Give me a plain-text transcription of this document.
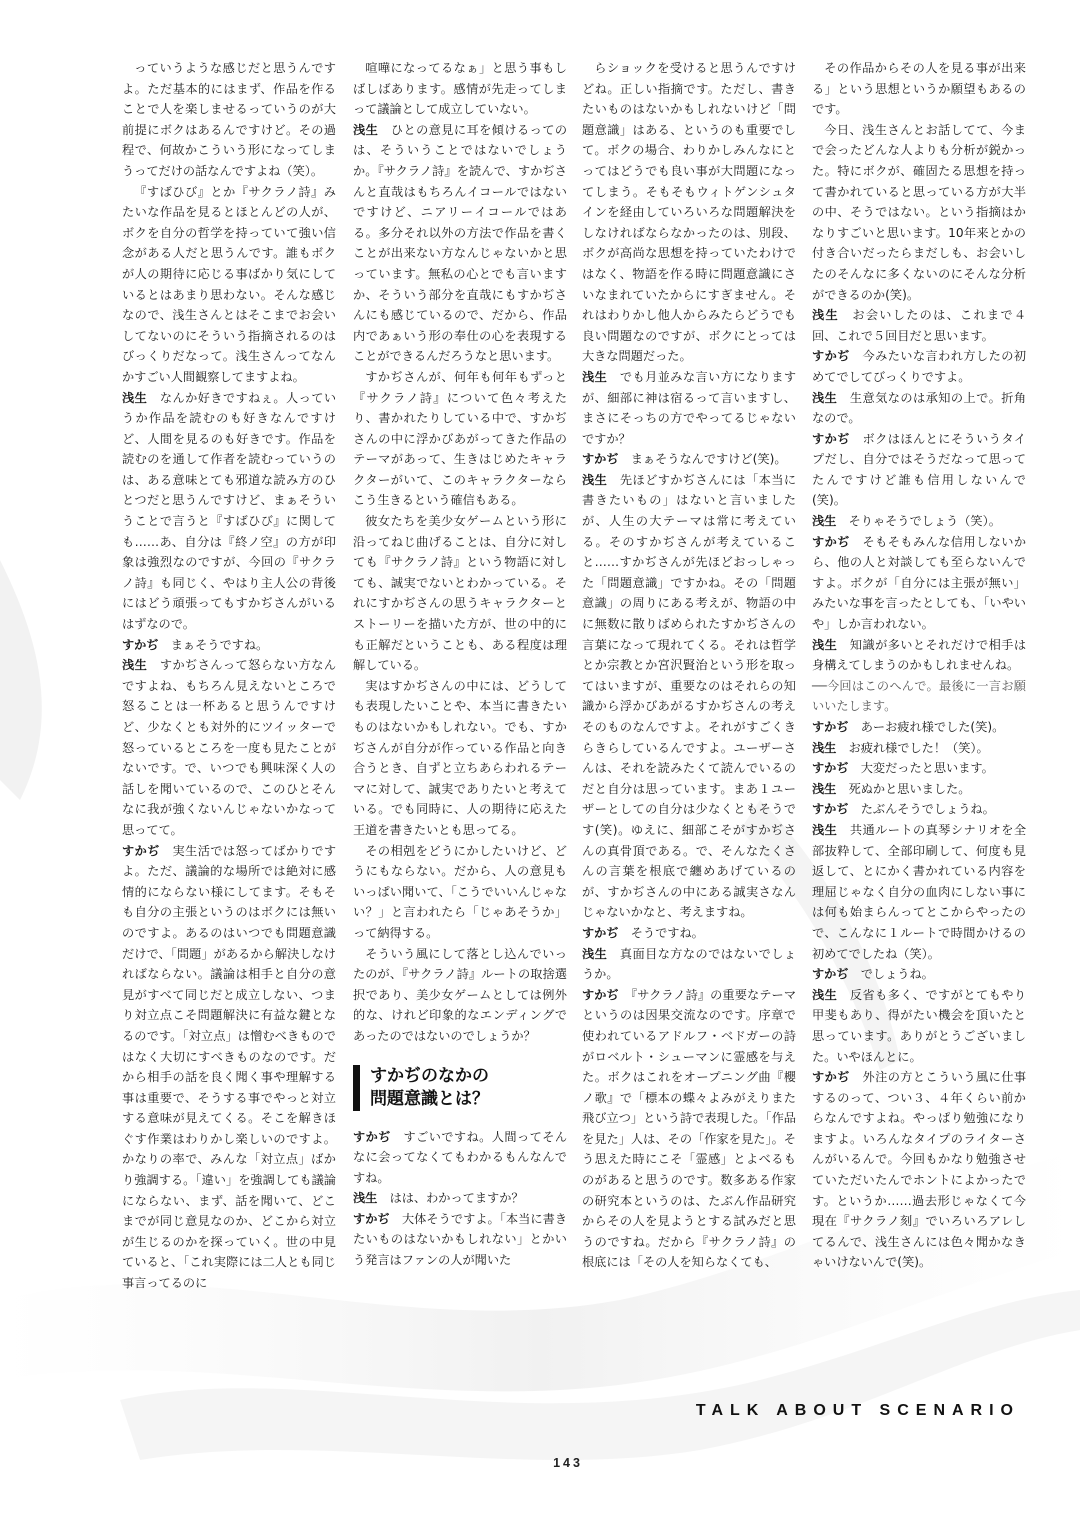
っていうような感じだと思うんですよ。ただ基本的にはまず、作品を作ることで人を楽しませるっていうのが大前提にボクはあるんですけど。その過程で、何故かこういう形になってしまうってだけの話なんですよね（笑）。

『すばひび』とか『サクラノ詩』みたいな作品を見るとほとんどの人が、ボクを自分の哲学を持っていて強い信念がある人だと思うんです。誰もボクが人の期待に応じる事ばかり気にしているとはあまり思わない。そんな感じなので、浅生さんとはそこまでお会いしてないのにそういう指摘されるのはびっくりだなって。浅生さんってなんかすごい人間観察してますよね。

浅生　 なんか好きですねぇ。人っていうか作品を読むのも好きなんですけど、人間を見るのも好きです。作品を読むのを通して作者を読むっていうのは、ある意味とても邪道な読み方のひとつだと思うんですけど、まぁそういうことで言うと『すばひび』に関しても……あ、自分は『終ノ空』の方が印象は強烈なのですが、今回の『サクラノ詩』も同じく、やはり主人公の背後にはどう頑張ってもすかぢさんがいるはずなので。

すかぢ　 まぁそうですね。

浅生　 すかぢさんって怒らない方なんですよね、もちろん見えないところで怒ることは一杯あると思うんですけど、少なくとも対外的にツイッターで怒っているところを一度も見たことがないです。で、いつでも興味深く人の話しを聞いているので、このひとそんなに我が強くないんじゃないかなって思ってて。

すかぢ　 実生活では怒ってばかりですよ。ただ、議論的な場所では絶対に感情的にならない様にしてます。そもそも自分の主張というのはボクには無いのですよ。あるのはいつでも問題意識だけで、「問題」があるから解決しなければならない。議論は相手と自分の意見がすべて同じだと成立しない、つまり対立点こそ問題解決に有益な鍵となるのです。「対立点」は憎むべきものではなく大切にすべきものなのです。だから相手の話を良く聞く事や理解する事は重要で、そうする事でやっと対立する意味が見えてくる。そこを解きほぐす作業はわりかし楽しいのですよ。かなりの率で、みんな「対立点」ばかり強調する。「違い」を強調しても議論にならない、まず、話を聞いて、どこまでが同じ意見なのか、どこから対立が生じるのかを探っていく。世の中見ていると、「これ実際には二人とも同じ事言ってるのに

喧嘩になってるなぁ」と思う事もしばしばあります。感情が先走ってしまって議論として成立していない。

浅生　 ひとの意見に耳を傾けるってのは、そういうことではないでしょうか。『サクラノ詩』を読んで、すかぢさんと直哉はもちろんイコールではないですけど、ニアリーイコールではある。多分それ以外の方法で作品を書くことが出来ない方なんじゃないかと思っています。無私の心とでも言いますか、そういう部分を直哉にもすかぢさんにも感じているので、だから、作品内であぁいう形の奉仕の心を表現することができるんだろうなと思います。

すかぢさんが、何年も何年もずっと『サクラノ詩』について色々考えたり、書かれたりしている中で、すかぢさんの中に浮かびあがってきた作品のテーマがあって、生きはじめたキャラクターがいて、このキャラクターならこう生きるという確信もある。

彼女たちを美少女ゲームという形に沿ってねじ曲げることは、自分に対しても『サクラノ詩』という物語に対しても、誠実でないとわかっている。それにすかぢさんの思うキャラクターとストーリーを描いた方が、世の中的にも正解だということも、ある程度は理解している。

実はすかぢさんの中には、どうしても表現したいことや、本当に書きたいものはないかもしれない。でも、すかぢさんが自分が作っている作品と向き合うとき、自ずと立ちあらわれるテーマに対して、誠実でありたいと考えている。でも同時に、人の期待に応えた王道を書きたいとも思ってる。

その相剋をどうにかしたいけど、どうにもならない。だから、人の意見もいっぱい聞いて、「こうでいいんじゃない？」と言われたら「じゃあそうか」って納得する。

そういう風にして落とし込んでいったのが、『サクラノ詩』ルートの取捨選択であり、美少女ゲームとしては例外的な、けれど印象的なエンディングであったのではないのでしょうか？

すかぢのなかの
問題意識とは？

すかぢ　 すごいですね。人間ってそんなに会ってなくてもわかるもんなんですね。

浅生　 はは、わかってますか？

すかぢ　 大体そうですよ。「本当に書きたいものはないかもしれない」とかいう発言はファンの人が聞いた

らショックを受けると思うんですけどね。正しい指摘です。ただし、書きたいものはないかもしれないけど「問題意識」はある、というのも重要でして。ボクの場合、わりかしみんなにとってはどうでも良い事が大問題になってしまう。そもそもウィトゲンシュタインを経由していろいろな問題解決をしなければならなかったのは、別段、ボクが高尚な思想を持っていたわけではなく、物語を作る時に問題意識にさいなまれていたからにすぎません。それはわりかし他人からみたらどうでも良い問題なのですが、ボクにとっては大きな問題だった。

浅生　 でも月並みな言い方になりますが、細部に神は宿るって言いますし、まさにそっちの方でやってるじゃないですか？

すかぢ　 まぁそうなんですけど(笑)。

浅生　 先ほどすかぢさんには「本当に書きたいもの」はないと言いましたが、人生の大テーマは常に考えている。そのすかぢさんが考えていること……すかぢさんが先ほどおっしゃった「問題意識」ですかね。その「問題意識」の周りにある考えが、物語の中に無数に散りばめられたすかぢさんの言葉になって現れてくる。それは哲学とか宗教とか宮沢賢治という形を取ってはいますが、重要なのはそれらの知識から浮かびあがるすかぢさんの考えそのものなんですよ。それがすごくきらきらしているんですよ。ユーザーさんは、それを読みたくて読んでいるのだと自分は思っています。まあ１ユーザーとしての自分は少なくともそうです(笑)。ゆえに、細部こそがすかぢさんの真骨頂である。で、そんなたくさんの言葉を根底で纏めあげているのが、すかぢさんの中にある誠実さなんじゃないかなと、考えますね。

すかぢ　 そうですね。

浅生　 真面目な方なのではないでしょうか。

すかぢ　 『サクラノ詩』の重要なテーマというのは因果交流なのです。序章で使われているアドルフ・ベドガーの詩がロベルト・シューマンに霊感を与えた。ボクはこれをオープニング曲『櫻ノ歌』で「標本の蝶々よみがえりまた飛び立つ」という詩で表現した。「作品を見た」人は、その「作家を見た」。そう思えた時にこそ「霊感」とよべるものがあると思うのです。数多ある作家の研究本というのは、たぶん作品研究からその人を見ようとする試みだと思うのですね。だから『サクラノ詩』の根底には「その人を知らなくても、

その作品からその人を見る事が出来る」という思想というか願望もあるのです。

今日、浅生さんとお話してて、今まで会ったどんな人よりも分析が鋭かった。特にボクが、確固たる思想を持って書かれていると思っている方が大半の中、そうではない。という指摘はかなりすごいと思います。10年来とかの付き合いだったらまだしも、お会いしたのそんなに多くないのにそんな分析ができるのか(笑)。

浅生　 お会いしたのは、これまで４回、これで５回目だと思います。

すかぢ　 今みたいな言われ方したの初めてでしてびっくりですよ。

浅生　 生意気なのは承知の上で。折角なので。

すかぢ　 ボクはほんとにそういうタイプだし、自分ではそうだなって思ってたんですけど誰も信用しないんで(笑)。

浅生　 そりゃそうでしょう（笑）。

すかぢ　 そもそもみんな信用しないから、他の人と対談しても至らないんですよ。ボクが「自分には主張が無い」みたいな事を言ったとしても、「いやいや」しか言われない。

浅生　 知識が多いとそれだけで相手は身構えてしまうのかもしれませんね。

──今回はこのへんで。最後に一言お願いいたします。

すかぢ　 あーお疲れ様でした(笑)。

浅生　 お疲れ様でした！（笑）。

すかぢ　 大変だったと思います。

浅生　 死ぬかと思いました。

すかぢ　 たぶんそうでしょうね。

浅生　 共通ルートの真琴シナリオを全部抜粋して、全部印刷して、何度も見返して、とにかく書かれている内容を理屈じゃなく自分の血肉にしない事には何も始まらんってとこからやったので、こんなに１ルートで時間かけるの初めてでしたね（笑）。

すかぢ　 でしょうね。

浅生　 反省も多く、ですがとてもやり甲斐もあり、得がたい機会を頂いたと思っています。ありがとうございました。いやほんとに。

すかぢ　 外注の方とこういう風に仕事するのって、つい３、４年くらい前からなんですよね。やっぱり勉強になりますよ。いろんなタイプのライターさんがいるんで。今回もかなり勉強させていただいたんでホントによかったです。というか……過去形じゃなくて今現在『サクラノ刻』でいろいろアレしてるんで、浅生さんには色々聞かなきゃいけないんで(笑)。

TALK ABOUT SCENARIO
143
